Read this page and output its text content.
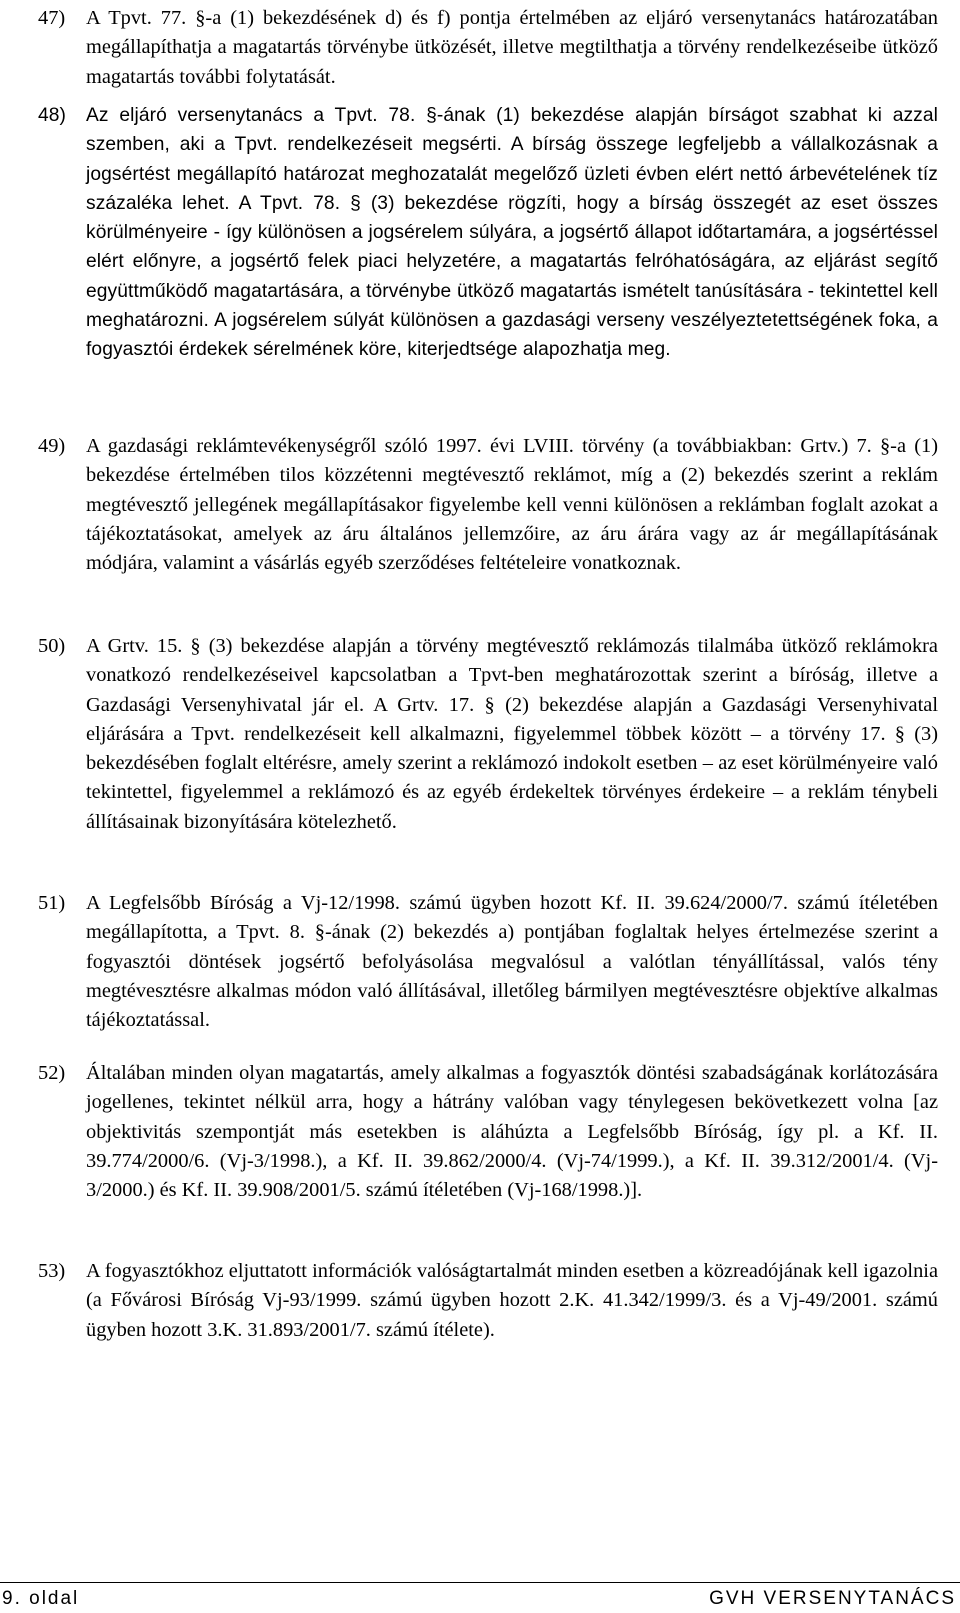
47)	A Tpvt. 77. §-a (1) bekezdésének d) és f) pontja értelmében az eljáró versenytanács határozatában megállapíthatja a magatartás törvénybe ütközését, illetve megtilthatja a törvény rendelkezéseibe ütköző magatartás további folytatását.
48)	Az eljáró versenytanács a Tpvt. 78. §-ának (1) bekezdése alapján bírságot szabhat ki azzal szemben, aki a Tpvt. rendelkezéseit megsérti. A bírság összege legfeljebb a vállalkozásnak a jogsértést megállapító határozat meghozatalát megelőző üzleti évben elért nettó árbevételének tíz százaléka lehet. A Tpvt. 78. § (3) bekezdése rögzíti, hogy a bírság összegét az eset összes körülményeire - így különösen a jogsérelem súlyára, a jogsértő állapot időtartamára, a jogsértéssel elért előnyre, a jogsértő felek piaci helyzetére, a magatartás felróhatóságára, az eljárást segítő együttműködő magatartására, a törvénybe ütköző magatartás ismételt tanúsítására - tekintettel kell meghatározni. A jogsérelem súlyát különösen a gazdasági verseny veszélyeztetettségének foka, a fogyasztói érdekek sérelmének köre, kiterjedtsége alapozhatja meg.
49)	A gazdasági reklámtevékenységről szóló 1997. évi LVIII. törvény (a továbbiakban: Grtv.) 7. §-a (1) bekezdése értelmében tilos közzétenni megtévesztő reklámot, míg a (2) bekezdés szerint a reklám megtévesztő jellegének megállapításakor figyelembe kell venni különösen a reklámban foglalt azokat a tájékoztatásokat, amelyek az áru általános jellemzőire, az áru árára vagy az ár megállapításának módjára, valamint a vásárlás egyéb szerződéses feltételeire vonatkoznak.
50)	A Grtv. 15. § (3) bekezdése alapján a törvény megtévesztő reklámozás tilalmába ütköző reklámokra vonatkozó rendelkezéseivel kapcsolatban a Tpvt-ben meghatározottak szerint a bíróság, illetve a Gazdasági Versenyhivatal jár el. A Grtv. 17. § (2) bekezdése alapján a Gazdasági Versenyhivatal eljárására a Tpvt. rendelkezéseit kell alkalmazni, figyelemmel többek között – a törvény 17. § (3) bekezdésében foglalt eltérésre, amely szerint a reklámozó indokolt esetben – az eset körülményeire való tekintettel, figyelemmel a reklámozó és az egyéb érdekeltek törvényes érdekeire – a reklám ténybeli állításainak bizonyítására kötelezhető.
51)	A Legfelsőbb Bíróság a Vj-12/1998. számú ügyben hozott Kf. II. 39.624/2000/7. számú ítéletében megállapította, a Tpvt. 8. §-ának (2) bekezdés a) pontjában foglaltak helyes értelmezése szerint a fogyasztói döntések jogsértő befolyásolása megvalósul a valótlan tényállítással, valós tény megtévesztésre alkalmas módon való állításával, illetőleg bármilyen megtévesztésre objektíve alkalmas tájékoztatással.
52)	Általában minden olyan magatartás, amely alkalmas a fogyasztók döntési szabadságának korlátozására jogellenes, tekintet nélkül arra, hogy a hátrány valóban vagy ténylegesen bekövetkezett volna [az objektivitás szempontját más esetekben is aláhúzta a Legfelsőbb Bíróság, így pl. a Kf. II. 39.774/2000/6. (Vj-3/1998.), a Kf. II. 39.862/2000/4. (Vj-74/1999.), a Kf. II. 39.312/2001/4. (Vj-3/2000.) és Kf. II. 39.908/2001/5. számú ítéletében (Vj-168/1998.)].
53)	A fogyasztókhoz eljuttatott információk valóságtartalmát minden esetben a közreadójának kell igazolnia (a Fővárosi Bíróság Vj-93/1999. számú ügyben hozott 2.K. 41.342/1999/3. és a Vj-49/2001. számú ügyben hozott 3.K. 31.893/2001/7. számú ítélete).
9. oldal	GVH VERSENYTANÁCS
